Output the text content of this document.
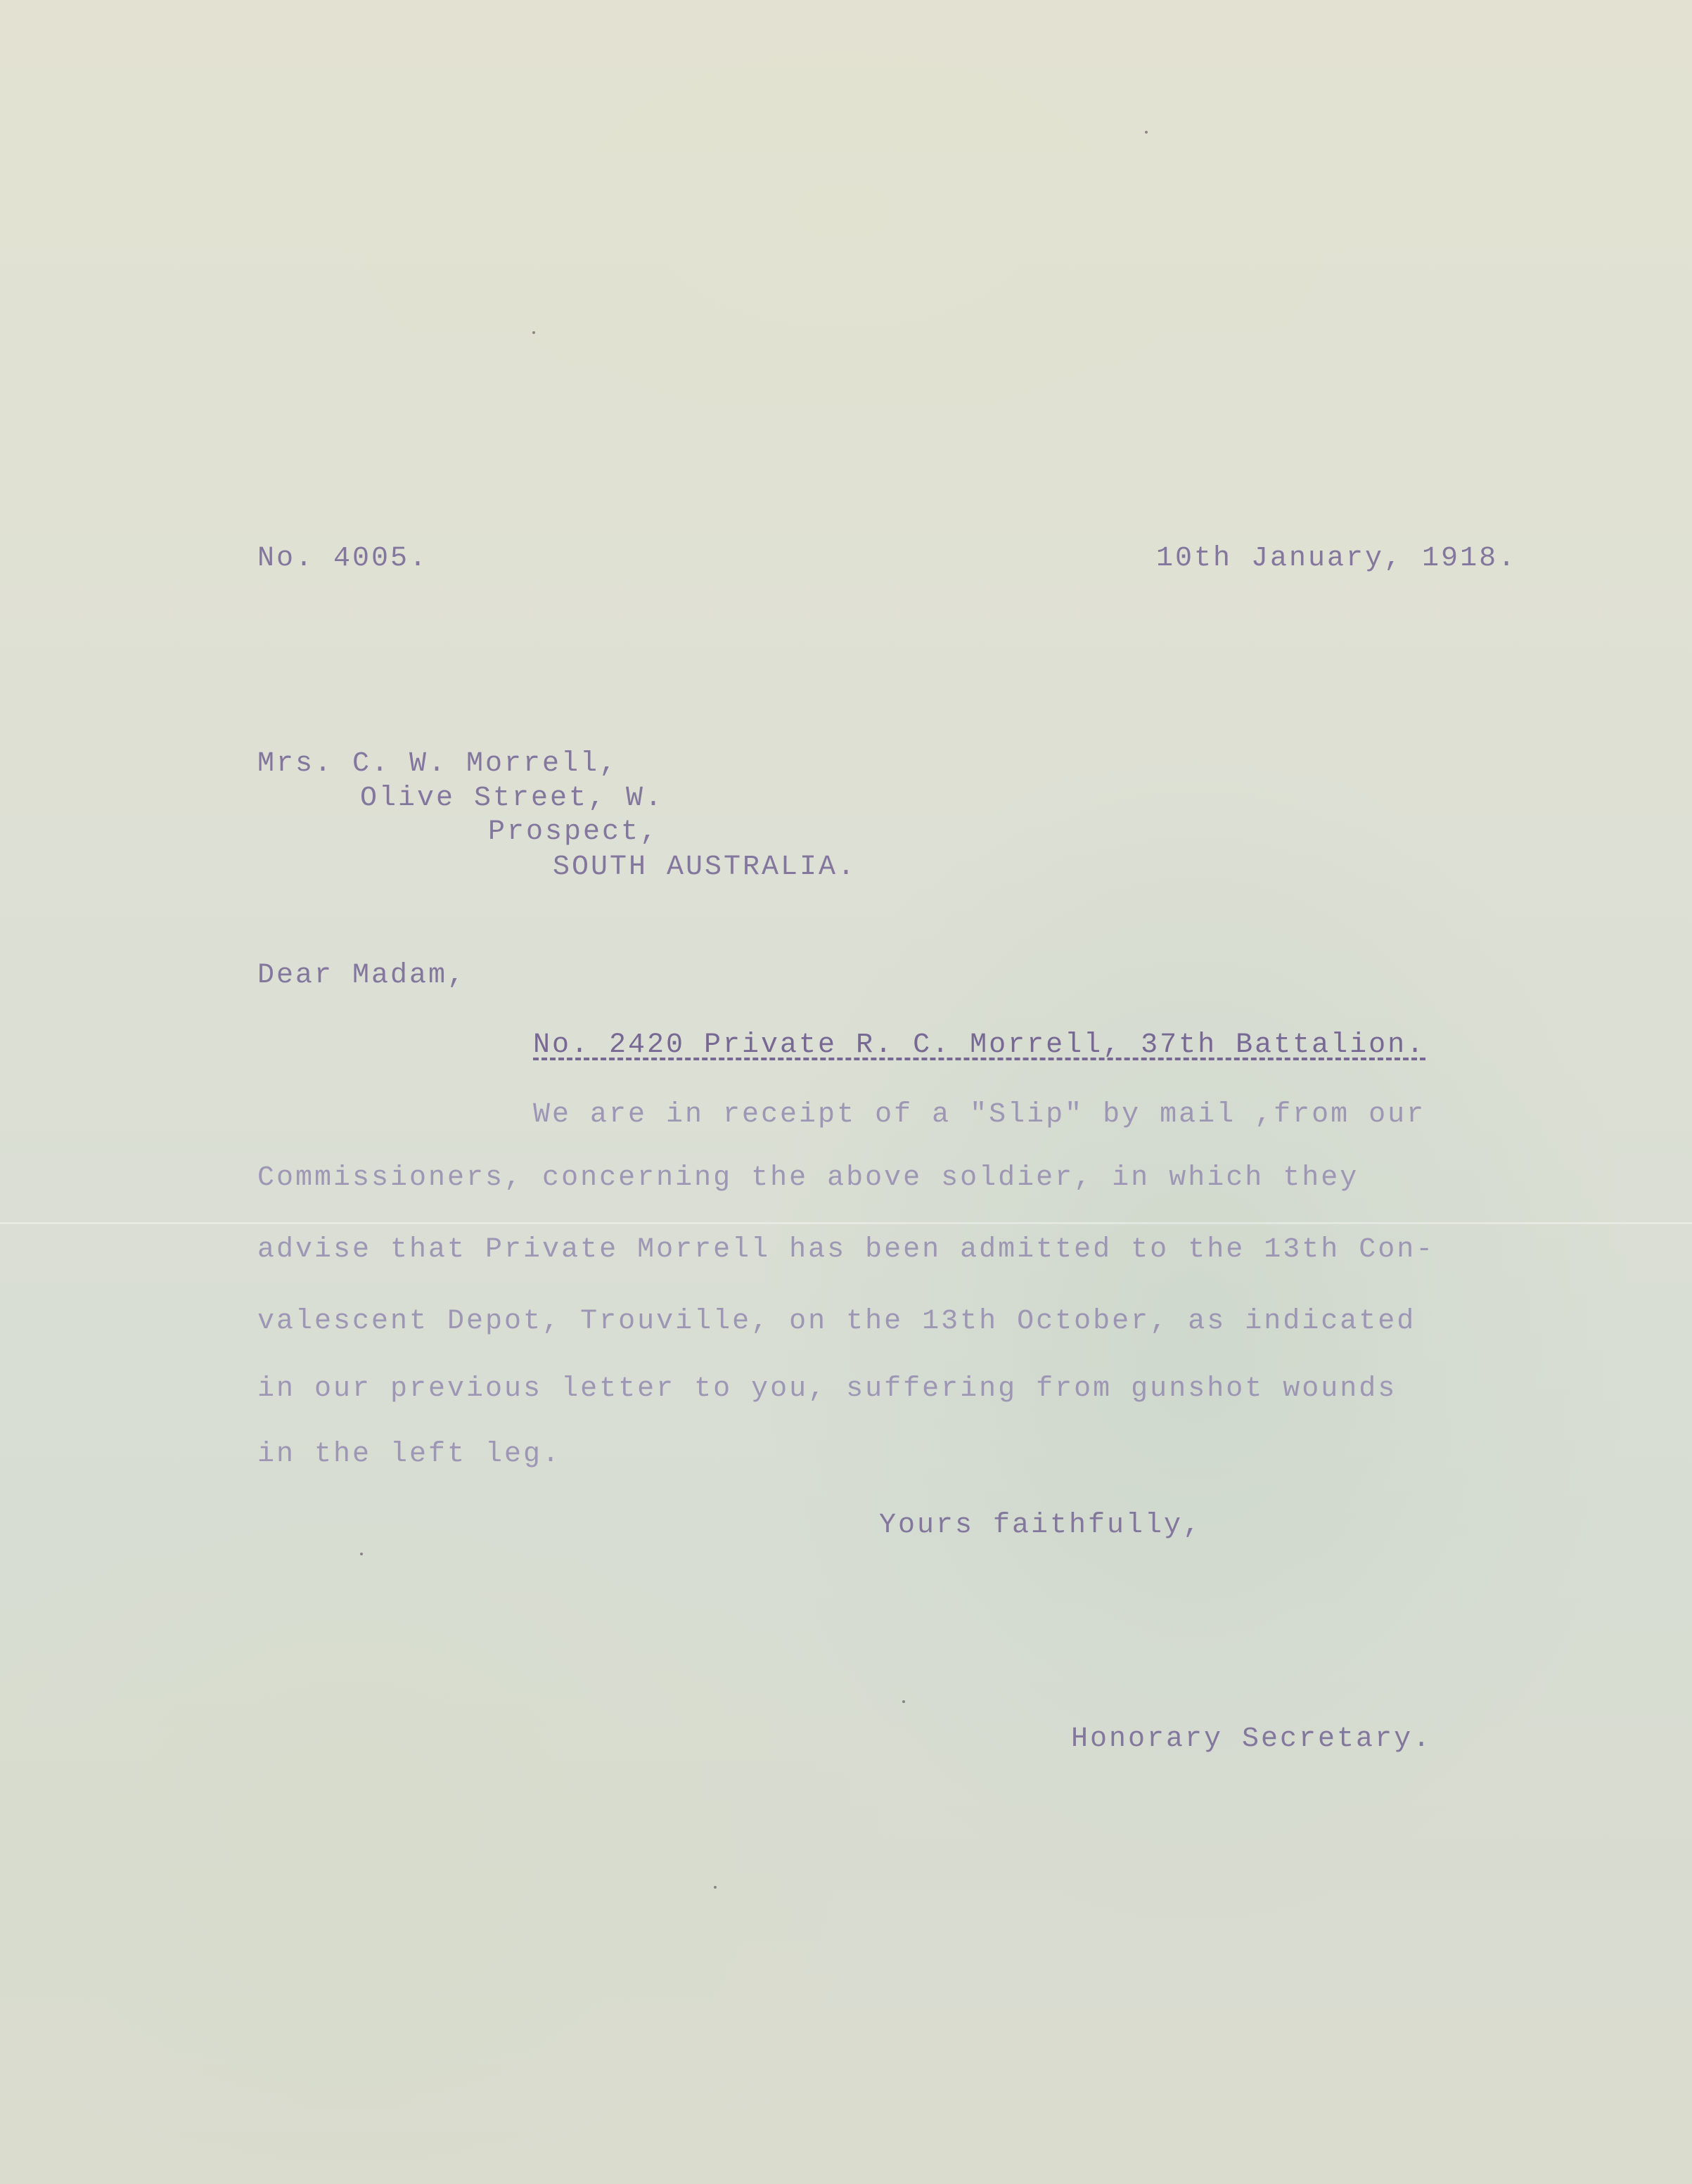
No. 4005.	10th January, 1918.
Mrs. C. W. Morrell,
Olive Street, W.
Prospect,
SOUTH AUSTRALIA.
Dear Madam,
No. 2420 Private R. C. Morrell, 37th Battalion.
We are in receipt of a "Slip" by mail ,from our
Commissioners, concerning the above soldier, in which they
advise that Private Morrell has been admitted to the 13th Con-
valescent Depot, Trouville, on the 13th October, as indicated
in our previous letter to you, suffering from gunshot wounds
in the left leg.
Yours faithfully,
Honorary Secretary.
